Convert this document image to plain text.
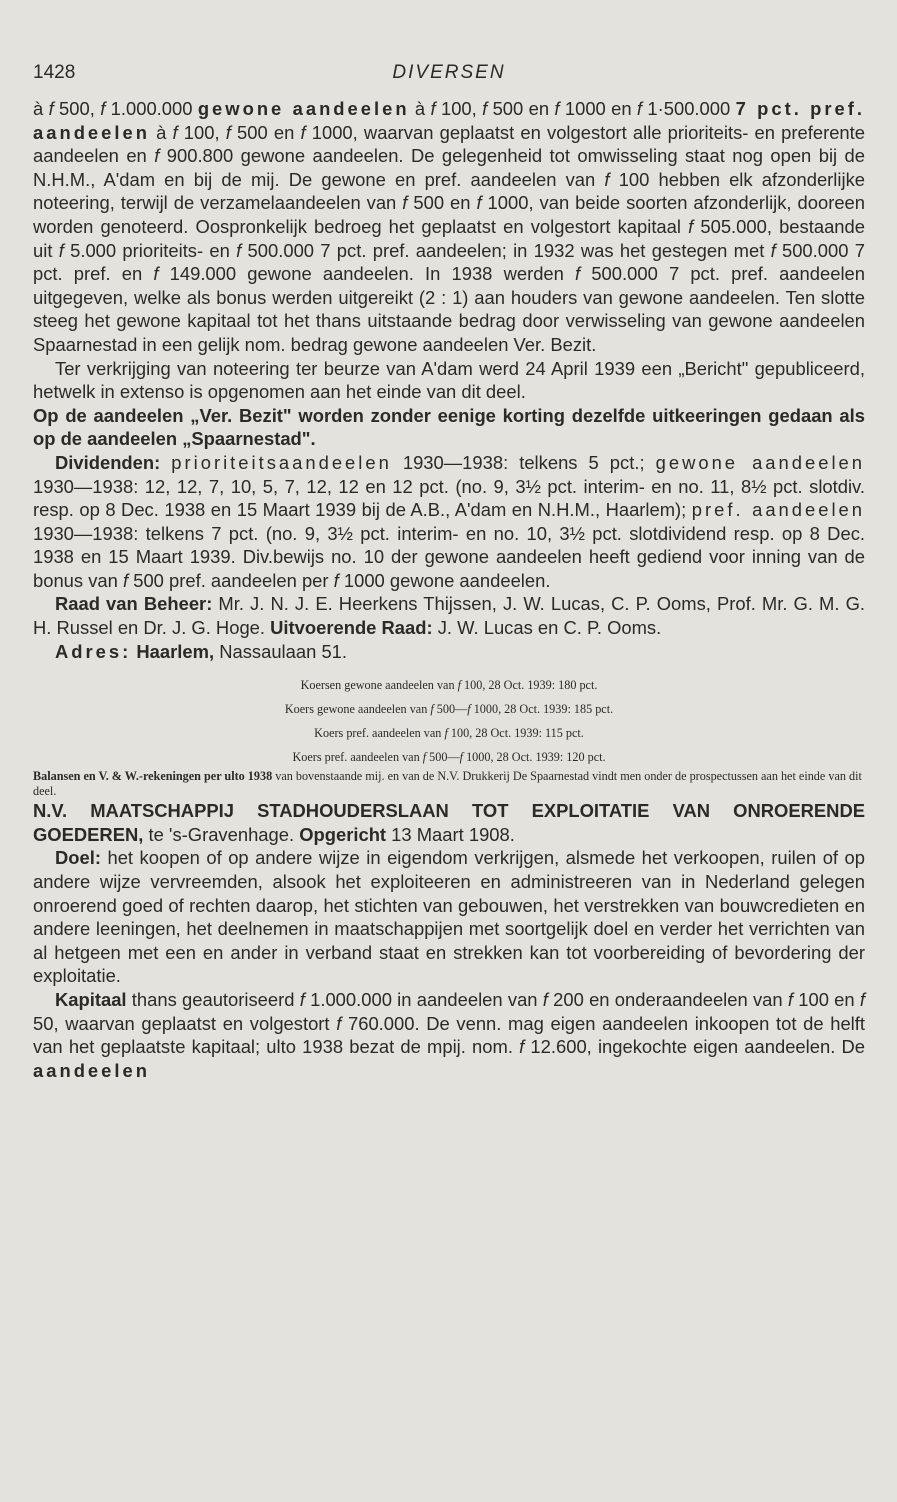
1428	DIVERSEN

à f 500, f 1.000.000 gewone aandeelen à f 100, f 500 en f 1000 en f 1·500.000 7 pct. pref. aandeelen à f 100, f 500 en f 1000, waarvan geplaatst en volgestort alle prioriteits- en preferente aandeelen en f 900.800 gewone aandeelen. De gelegenheid tot omwisseling staat nog open bij de N.H.M., A'dam en bij de mij. De gewone en pref. aandeelen van f 100 hebben elk afzonderlijke noteering, terwijl de verzamelaandeelen van f 500 en f 1000, van beide soorten afzonderlijk, dooreen worden genoteerd. Oospronkelijk bedroeg het geplaatst en volgestort kapitaal f 505.000, bestaande uit f 5.000 prioriteits- en f 500.000 7 pct. pref. aandeelen; in 1932 was het gestegen met f 500.000 7 pct. pref. en f 149.000 gewone aandeelen. In 1938 werden f 500.000 7 pct. pref. aandeelen uitgegeven, welke als bonus werden uitgereikt (2 : 1) aan houders van gewone aandeelen. Ten slotte steeg het gewone kapitaal tot het thans uitstaande bedrag door verwisseling van gewone aandeelen Spaarnestad in een gelijk nom. bedrag gewone aandeelen Ver. Bezit.

Ter verkrijging van noteering ter beurze van A'dam werd 24 April 1939 een „Bericht" gepubliceerd, hetwelk in extenso is opgenomen aan het einde van dit deel.

Op de aandeelen „Ver. Bezit" worden zonder eenige korting dezelfde uitkeeringen gedaan als op de aandeelen „Spaarnestad".

Dividenden: prioriteitsaandeelen 1930—1938: telkens 5 pct.; gewone aandeelen 1930—1938: 12, 12, 7, 10, 5, 7, 12, 12 en 12 pct. (no. 9, 3½ pct. interim- en no. 11, 8½ pct. slotdiv. resp. op 8 Dec. 1938 en 15 Maart 1939 bij de A.B., A'dam en N.H.M., Haarlem); pref. aandeelen 1930—1938: telkens 7 pct. (no. 9, 3½ pct. interim- en no. 10, 3½ pct. slotdividend resp. op 8 Dec. 1938 en 15 Maart 1939. Div.bewijs no. 10 der gewone aandeelen heeft gediend voor inning van de bonus van f 500 pref. aandeelen per f 1000 gewone aandeelen.

Raad van Beheer: Mr. J. N. J. E. Heerkens Thijssen, J. W. Lucas, C. P. Ooms, Prof. Mr. G. M. G. H. Russel en Dr. J. G. Hoge. Uitvoerende Raad: J. W. Lucas en C. P. Ooms.

Adres: Haarlem, Nassaulaan 51.

Koersen gewone aandeelen van f 100, 28 Oct. 1939: 180 pct.
Koers gewone aandeelen van f 500—f 1000, 28 Oct. 1939: 185 pct.
Koers pref. aandeelen van f 100, 28 Oct. 1939: 115 pct.
Koers pref. aandeelen van f 500—f 1000, 28 Oct. 1939: 120 pct.

Balansen en V. & W.-rekeningen per ulto 1938 van bovenstaande mij. en van de N.V. Drukkerij De Spaarnestad vindt men onder de prospectussen aan het einde van dit deel.

N.V. MAATSCHAPPIJ STADHOUDERSLAAN TOT EXPLOITATIE VAN ONROERENDE GOEDEREN, te 's-Gravenhage. Opgericht 13 Maart 1908.

Doel: het koopen of op andere wijze in eigendom verkrijgen, alsmede het verkoopen, ruilen of op andere wijze vervreemden, alsook het exploiteeren en administreeren van in Nederland gelegen onroerend goed of rechten daarop, het stichten van gebouwen, het verstrekken van bouwcredieten en andere leeningen, het deelnemen in maatschappijen met soortgelijk doel en verder het verrichten van al hetgeen met een en ander in verband staat en strekken kan tot voorbereiding of bevordering der exploitatie.

Kapitaal thans geautoriseerd f 1.000.000 in aandeelen van f 200 en onderaandeelen van f 100 en f 50, waarvan geplaatst en volgestort f 760.000. De venn. mag eigen aandeelen inkoopen tot de helft van het geplaatste kapitaal; ulto 1938 bezat de mpij. nom. f 12.600, ingekochte eigen aandeelen. De aandeelen
